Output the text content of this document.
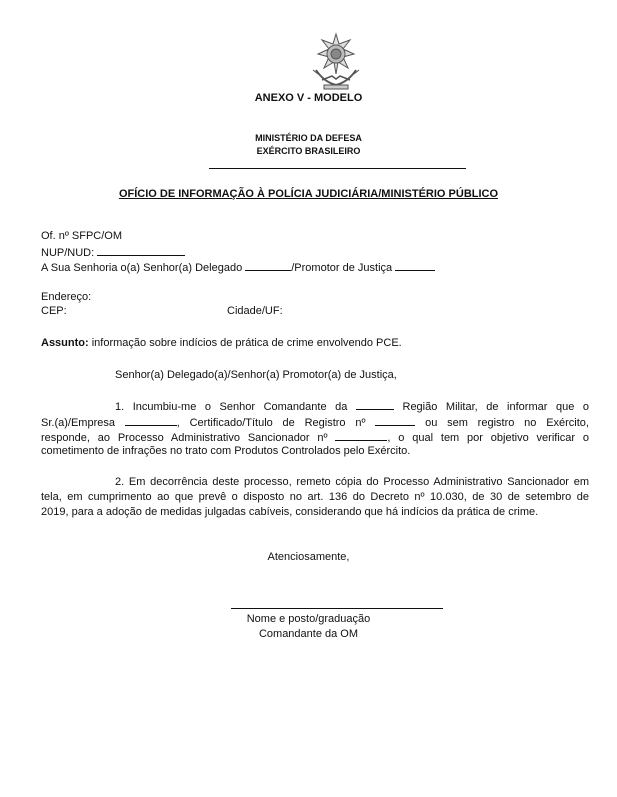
ANEXO V - MODELO
MINISTÉRIO DA DEFESA
EXÉRCITO BRASILEIRO
OFÍCIO DE INFORMAÇÃO À POLÍCIA JUDICIÁRIA/MINISTÉRIO PÚBLICO
Of. nº SFPC/OM
NUP/NUD:
A Sua Senhoria o(a) Senhor(a) Delegado	/Promotor de Justiça
Endereço:
CEP:	Cidade/UF:
Assunto: informação sobre indícios de prática de crime envolvendo PCE.
Senhor(a) Delegado(a)/Senhor(a) Promotor(a) de Justiça,
1. Incumbiu-me o Senhor Comandante da	Região Militar, de informar que o
Sr.(a)/Empresa	, Certificado/Título de Registro nº	ou sem registro no Exército,
responde, ao Processo Administrativo Sancionador nº	, o qual tem por objetivo verificar o
cometimento de infrações no trato com Produtos Controlados pelo Exército.
2. Em decorrência deste processo, remeto cópia do Processo Administrativo Sancionador em
tela, em cumprimento ao que prevê o disposto no art. 136 do Decreto nº 10.030, de 30 de setembro de
2019, para a adoção de medidas julgadas cabíveis, considerando que há indícios da prática de crime.
Atenciosamente,
Nome e posto/graduação
Comandante da OM
